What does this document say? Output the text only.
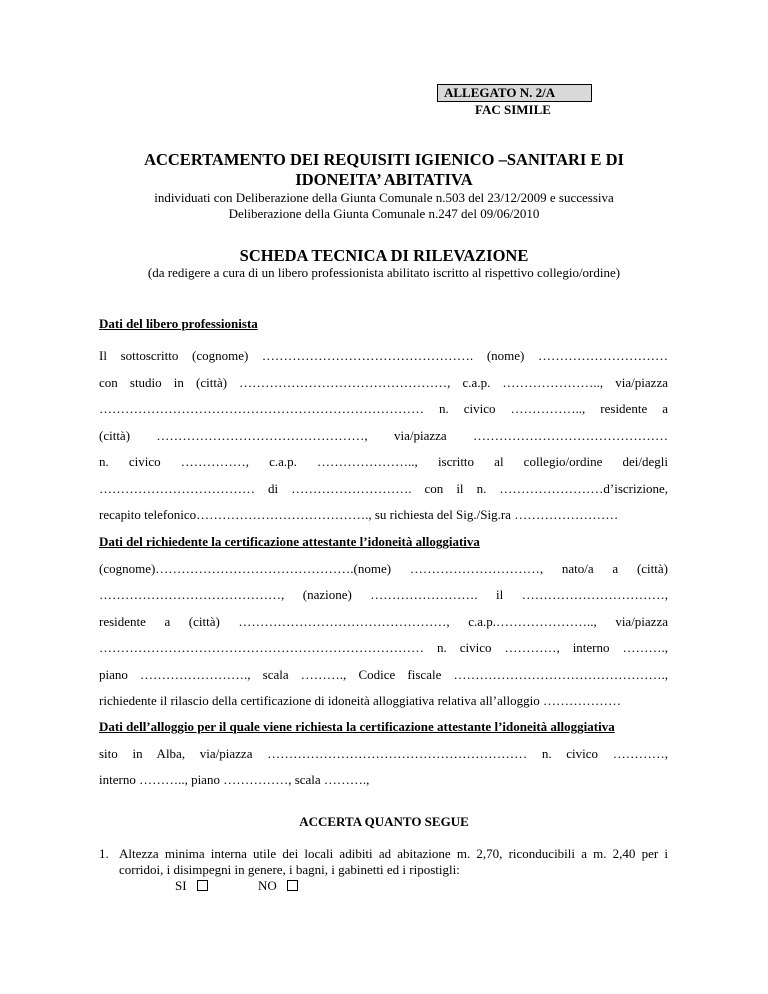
ALLEGATO N. 2/A
FAC SIMILE
ACCERTAMENTO DEI REQUISITI IGIENICO –SANITARI E DI
IDONEITA’ ABITATIVA
individuati con Deliberazione della Giunta Comunale n.503 del 23/12/2009 e successiva
Deliberazione della Giunta Comunale n.247 del 09/06/2010
SCHEDA TECNICA DI RILEVAZIONE
(da redigere a cura di un libero professionista abilitato iscritto al rispettivo collegio/ordine)
Dati del libero professionista
Il sottoscritto (cognome) …………………………………………. (nome) …………………………
con studio in (città) …………………………………………, c.a.p. ………………….., via/piazza
………………………………………………………………… n. civico …………….., residente a
(città) …………………………………………, via/piazza ………………………………………
n. civico ……………, c.a.p. ………………….., iscritto al collegio/ordine dei/degli
……………………………… di ………………………. con il n. ……………………d’iscrizione,
recapito telefonico…………………………………., su richiesta del Sig./Sig.ra ……………………
Dati del richiedente la certificazione attestante l’idoneità alloggiativa
(cognome)……………………………………….(nome) …………………………, nato/a a (città)
……………………………………, (nazione) ……………………. il ……………………………,
residente a (città) …………………………………………, c.a.p.………………….., via/piazza
………………………………………………………………… n. civico …………, interno ……….,
piano ……………………., scala ………., Codice fiscale ………………………………………….,
richiedente il rilascio della certificazione di idoneità alloggiativa relativa all’alloggio ………………
Dati dell’alloggio per il quale viene richiesta la certificazione attestante l’idoneità alloggiativa
sito in Alba, via/piazza …………………………………………………… n. civico …………,
interno ……….., piano ……………, scala ……….,
ACCERTA QUANTO SEGUE
1. Altezza minima interna utile dei locali adibiti ad abitazione m. 2,70, riconducibili a m. 2,40 per i
corridoi, i disimpegni in genere, i bagni, i gabinetti ed i ripostigli:
SI	NO
